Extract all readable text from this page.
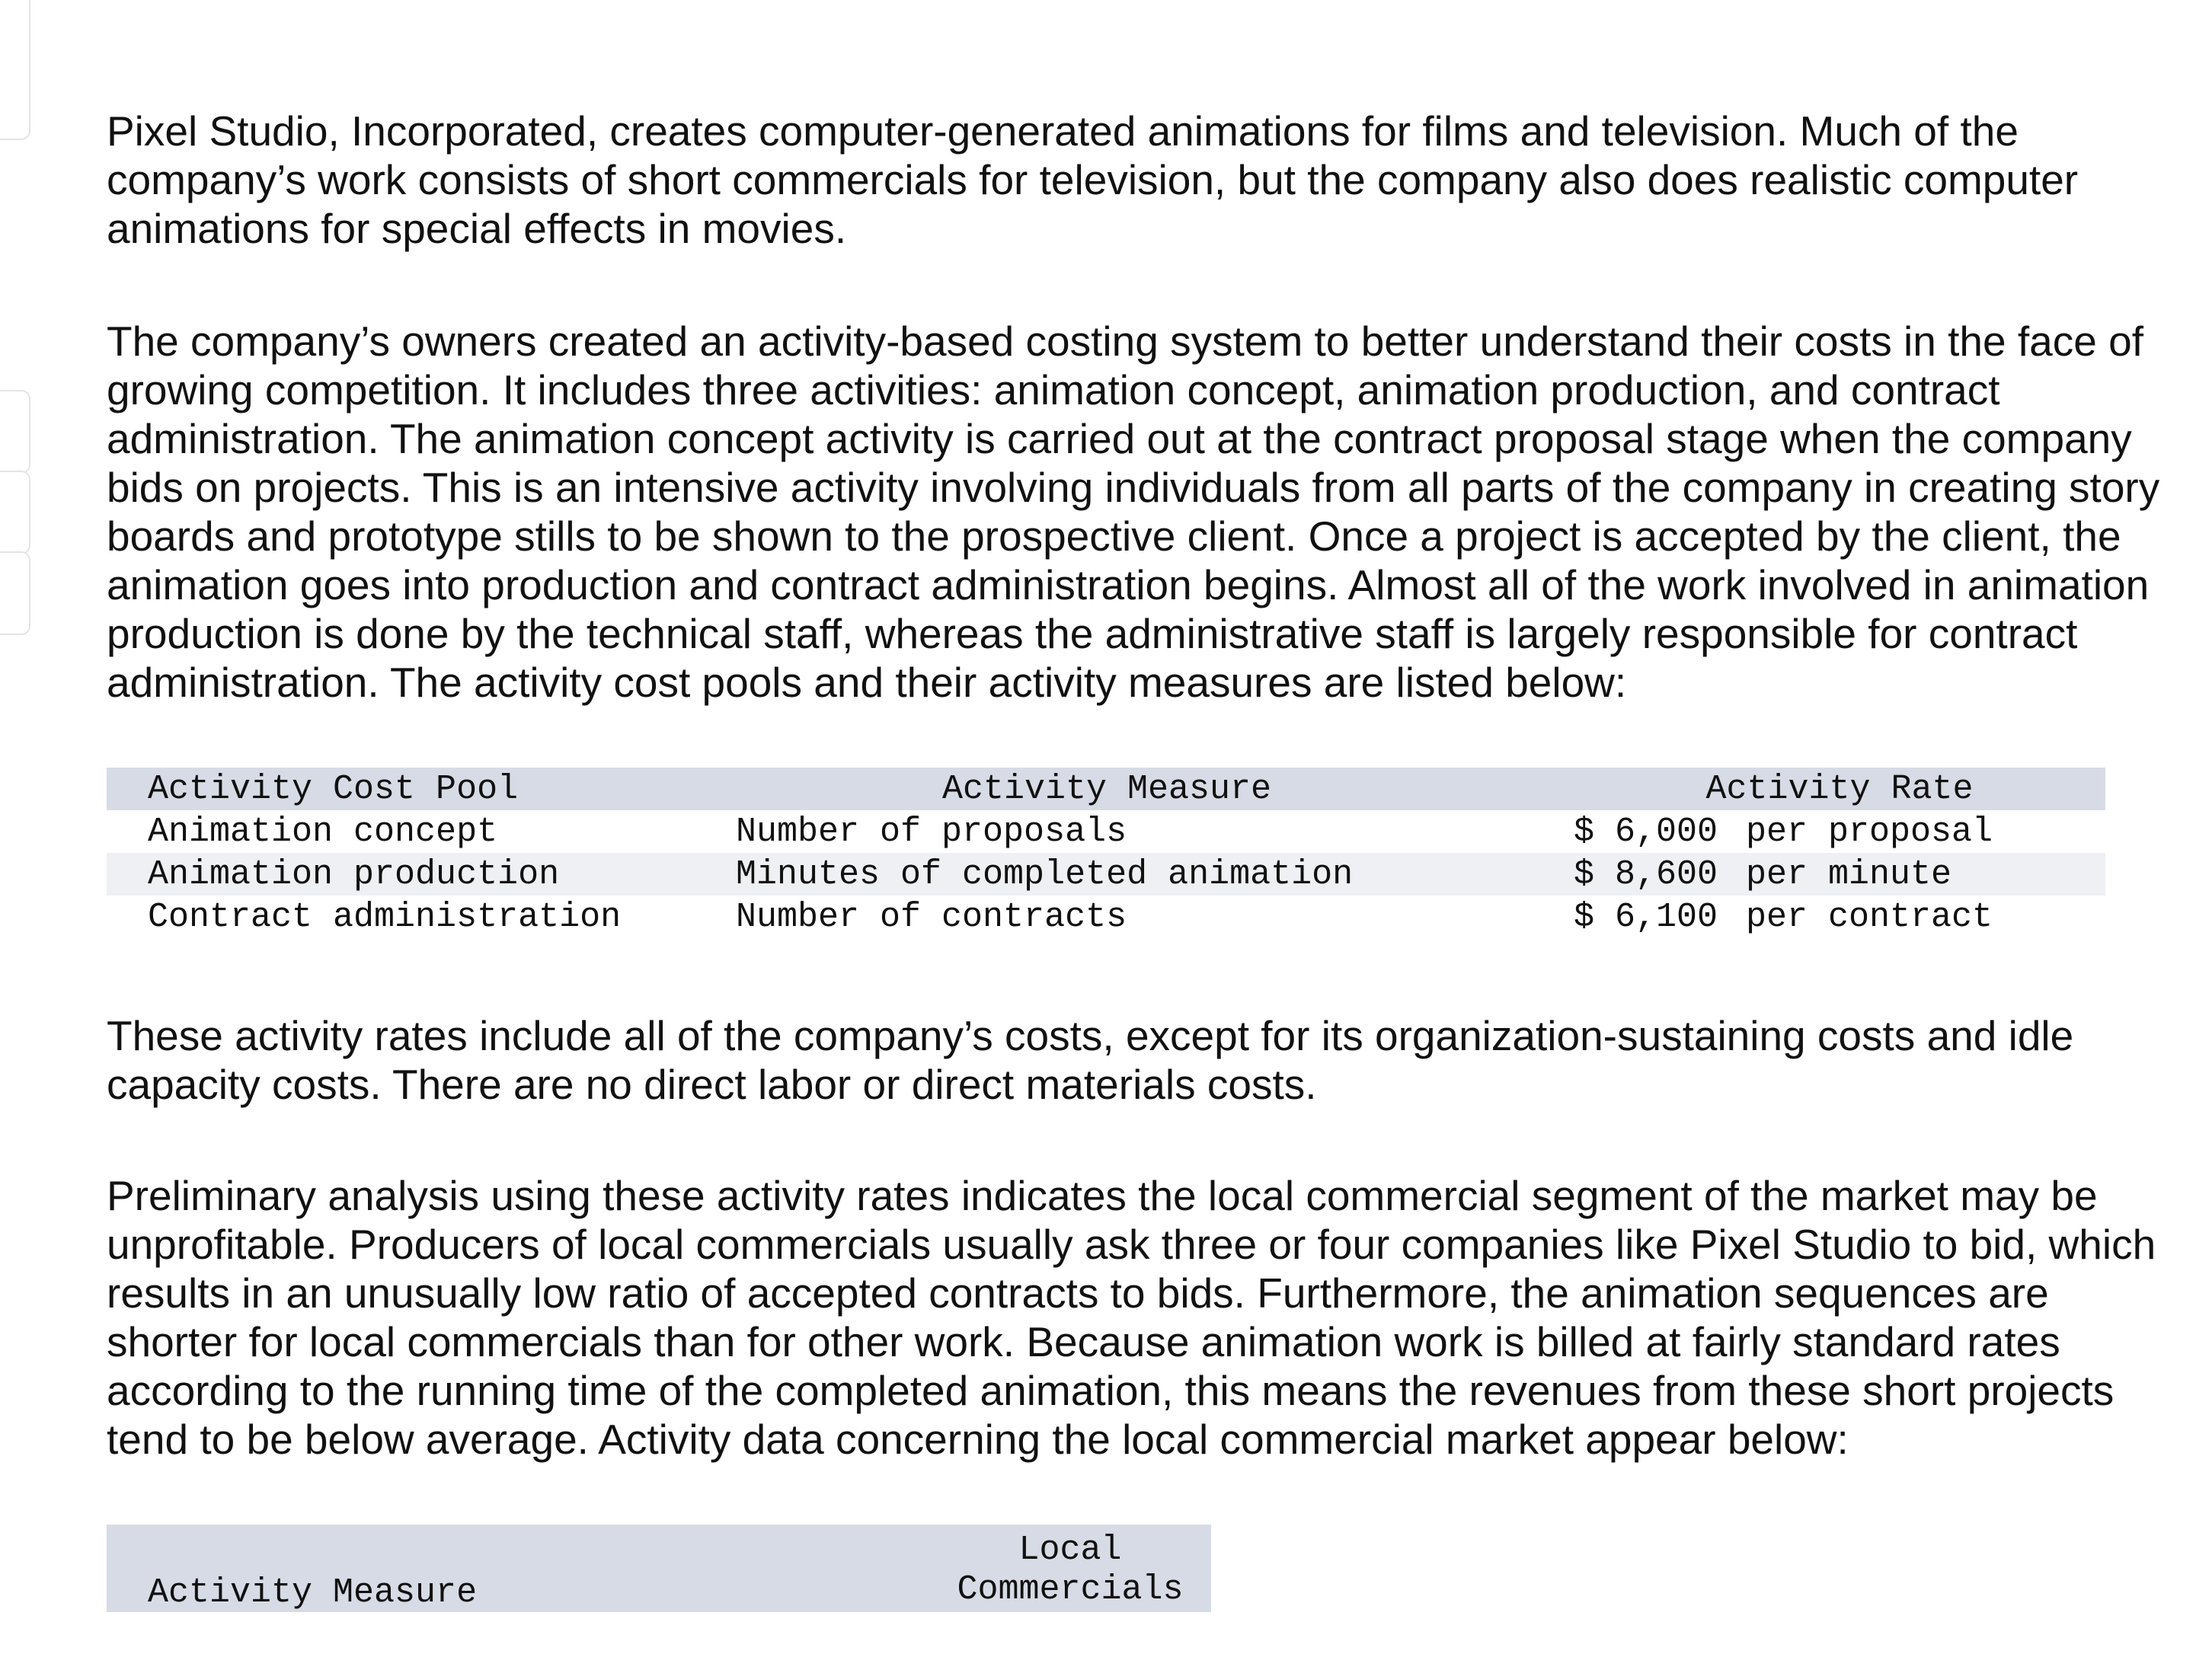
Pixel Studio, Incorporated, creates computer-generated animations for films and television. Much of the company’s work consists of short commercials for television, but the company also does realistic computer animations for special effects in movies.

The company’s owners created an activity-based costing system to better understand their costs in the face of growing competition. It includes three activities: animation concept, animation production, and contract administration. The animation concept activity is carried out at the contract proposal stage when the company bids on projects. This is an intensive activity involving individuals from all parts of the company in creating story boards and prototype stills to be shown to the prospective client. Once a project is accepted by the client, the animation goes into production and contract administration begins. Almost all of the work involved in animation production is done by the technical staff, whereas the administrative staff is largely responsible for contract administration. The activity cost pools and their activity measures are listed below:

Activity Cost Pool	Activity Measure	Activity Rate
Animation concept	Number of proposals	$ 6,000 per proposal
Animation production	Minutes of completed animation	$ 8,600 per minute
Contract administration	Number of contracts	$ 6,100 per contract

These activity rates include all of the company’s costs, except for its organization-sustaining costs and idle capacity costs. There are no direct labor or direct materials costs.

Preliminary analysis using these activity rates indicates the local commercial segment of the market may be unprofitable. Producers of local commercials usually ask three or four companies like Pixel Studio to bid, which results in an unusually low ratio of accepted contracts to bids. Furthermore, the animation sequences are shorter for local commercials than for other work. Because animation work is billed at fairly standard rates according to the running time of the completed animation, this means the revenues from these short projects tend to be below average. Activity data concerning the local commercial market appear below:

Activity Measure	Local
Commercials
